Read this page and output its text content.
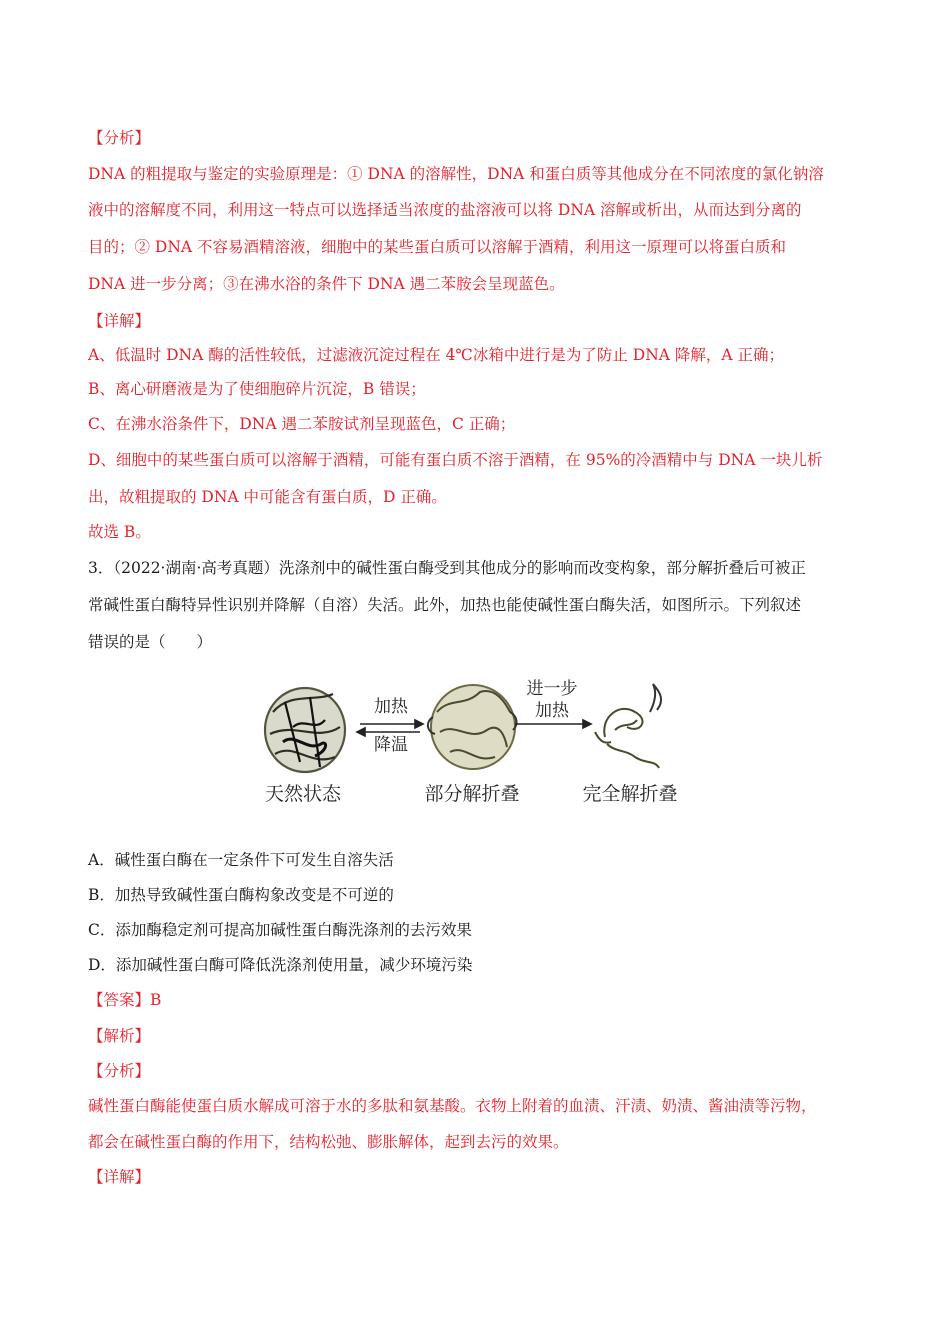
【分析】
DNA 的粗提取与鉴定的实验原理是：① DNA 的溶解性，DNA 和蛋白质等其他成分在不同浓度的氯化钠溶
液中的溶解度不同，利用这一特点可以选择适当浓度的盐溶液可以将 DNA 溶解或析出，从而达到分离的
目的；② DNA 不容易酒精溶液，细胞中的某些蛋白质可以溶解于酒精，利用这一原理可以将蛋白质和
DNA 进一步分离；③在沸水浴的条件下 DNA 遇二苯胺会呈现蓝色。
【详解】
A、低温时 DNA 酶的活性较低，过滤液沉淀过程在 4℃冰箱中进行是为了防止 DNA 降解，A 正确；
B、离心研磨液是为了使细胞碎片沉淀，B 错误；
C、在沸水浴条件下，DNA 遇二苯胺试剂呈现蓝色，C 正确；
D、细胞中的某些蛋白质可以溶解于酒精，可能有蛋白质不溶于酒精，在 95%的冷酒精中与 DNA 一块儿析
出，故粗提取的 DNA 中可能含有蛋白质，D 正确。
故选 B。
3．（2022·湖南·高考真题）洗涤剂中的碱性蛋白酶受到其他成分的影响而改变构象，部分解折叠后可被正
常碱性蛋白酶特异性识别并降解（自溶）失活。此外，加热也能使碱性蛋白酶失活，如图所示。下列叙述
错误的是（　　）
加热
降温
进一步
加热
天然状态	部分解折叠	完全解折叠
A．碱性蛋白酶在一定条件下可发生自溶失活
B．加热导致碱性蛋白酶构象改变是不可逆的
C．添加酶稳定剂可提高加碱性蛋白酶洗涤剂的去污效果
D．添加碱性蛋白酶可降低洗涤剂使用量，减少环境污染
【答案】B
【解析】
【分析】
碱性蛋白酶能使蛋白质水解成可溶于水的多肽和氨基酸。衣物上附着的血渍、汗渍、奶渍、酱油渍等污物，
都会在碱性蛋白酶的作用下，结构松弛、膨胀解体，起到去污的效果。
【详解】
